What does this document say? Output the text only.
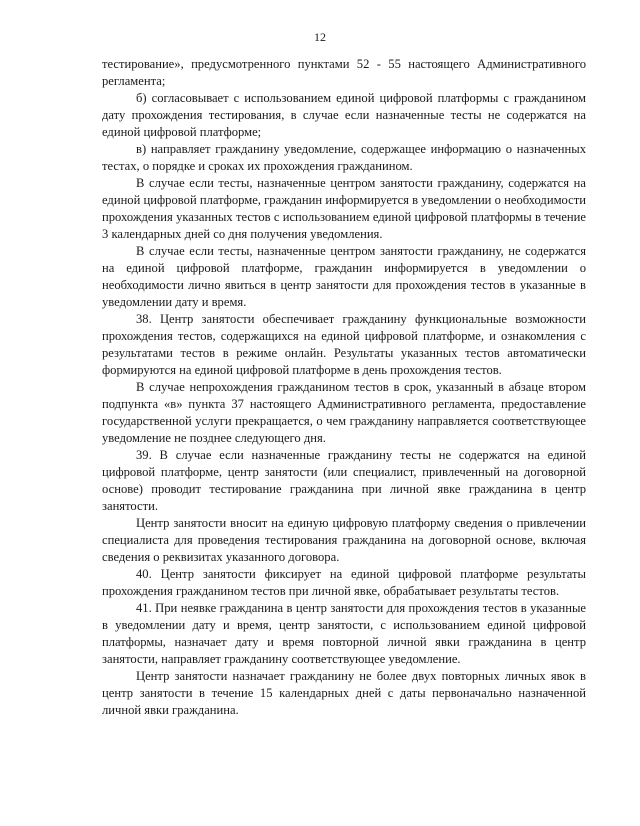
12

тестирование», предусмотренного пунктами 52 - 55 настоящего Административного регламента;

б) согласовывает с использованием единой цифровой платформы с гражданином дату прохождения тестирования, в случае если назначенные тесты не содержатся на единой цифровой платформе;

в) направляет гражданину уведомление, содержащее информацию о назначенных тестах, о порядке и сроках их прохождения гражданином.

В случае если тесты, назначенные центром занятости гражданину, содержатся на единой цифровой платформе, гражданин информируется в уведомлении о необходимости прохождения указанных тестов с использованием единой цифровой платформы в течение 3 календарных дней со дня получения уведомления.

В случае если тесты, назначенные центром занятости гражданину, не содержатся на единой цифровой платформе, гражданин информируется в уведомлении о необходимости лично явиться в центр занятости для прохождения тестов в указанные в уведомлении дату и время.

38. Центр занятости обеспечивает гражданину функциональные возможности прохождения тестов, содержащихся на единой цифровой платформе, и ознакомления с результатами тестов в режиме онлайн. Результаты указанных тестов автоматически формируются на единой цифровой платформе в день прохождения тестов.

В случае непрохождения гражданином тестов в срок, указанный в абзаце втором подпункта «в» пункта 37 настоящего Административного регламента, предоставление государственной услуги прекращается, о чем гражданину направляется соответствующее уведомление не позднее следующего дня.

39. В случае если назначенные гражданину тесты не содержатся на единой цифровой платформе, центр занятости (или специалист, привлеченный на договорной основе) проводит тестирование гражданина при личной явке гражданина в центр занятости.

Центр занятости вносит на единую цифровую платформу сведения о привлечении специалиста для проведения тестирования гражданина на договорной основе, включая сведения о реквизитах указанного договора.

40. Центр занятости фиксирует на единой цифровой платформе результаты прохождения гражданином тестов при личной явке, обрабатывает результаты тестов.

41. При неявке гражданина в центр занятости для прохождения тестов в указанные в уведомлении дату и время, центр занятости, с использованием единой цифровой платформы, назначает дату и время повторной личной явки гражданина в центр занятости, направляет гражданину соответствующее уведомление.

Центр занятости назначает гражданину не более двух повторных личных явок в центр занятости в течение 15 календарных дней с даты первоначально назначенной личной явки гражданина.
